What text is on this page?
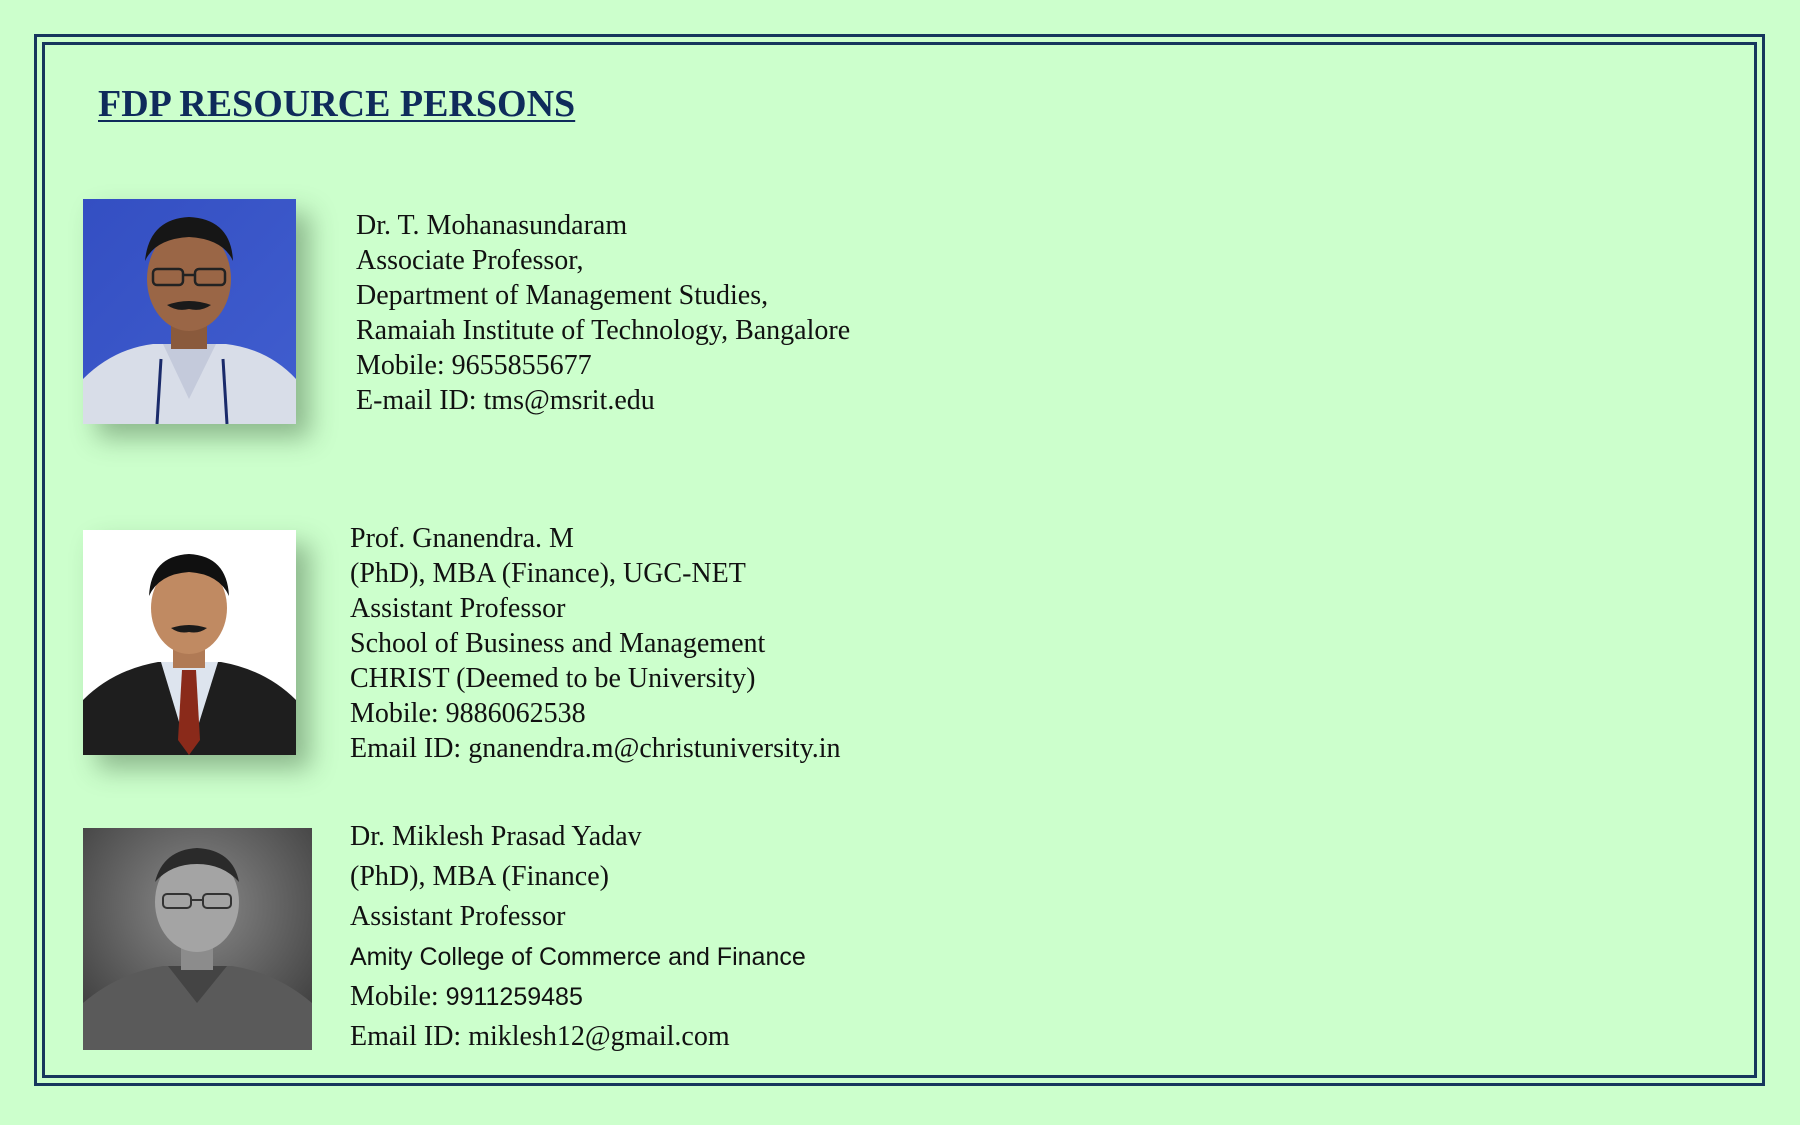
FDP RESOURCE PERSONS
Dr. T. Mohanasundaram
Associate Professor,
Department of Management Studies,
Ramaiah Institute of Technology, Bangalore
Mobile: 9655855677
E-mail ID: tms@msrit.edu
Prof. Gnanendra. M
(PhD), MBA (Finance), UGC-NET
Assistant Professor
School of Business and Management
CHRIST (Deemed to be University)
Mobile: 9886062538
Email ID: gnanendra.m@christuniversity.in
Dr. Miklesh Prasad Yadav
(PhD), MBA (Finance)
Assistant Professor
Amity College of Commerce and Finance
Mobile: 9911259485
Email ID: miklesh12@gmail.com
